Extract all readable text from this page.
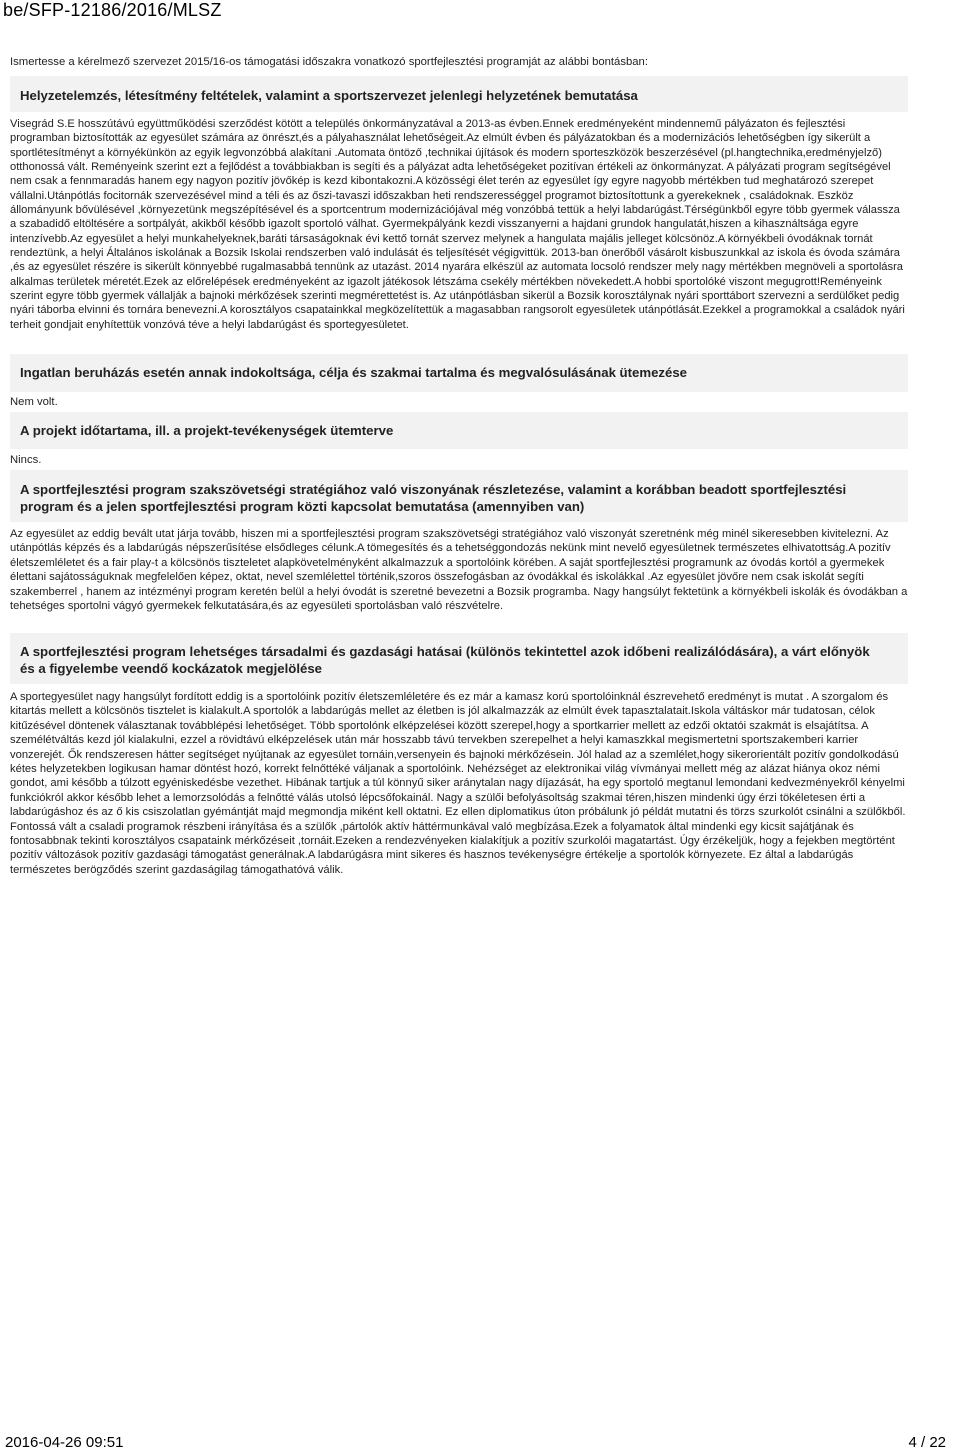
be/SFP-12186/2016/MLSZ
Ismertesse a kérelmező szervezet 2015/16-os támogatási időszakra vonatkozó sportfejlesztési programját az alábbi bontásban:
Helyzetelemzés, létesítmény feltételek, valamint a sportszervezet jelenlegi helyzetének bemutatása
Visegrád S.E hosszútávú együttműködési szerződést kötött a település önkormányzatával a 2013-as évben.Ennek eredményeként mindennemű pályázaton és fejlesztési programban biztosították az egyesület számára az önrészt,és a pályahasználat lehetőségeit.Az elmúlt évben és pályázatokban és a modernizációs lehetőségben így sikerült a sportlétesítményt a környékünkön az egyik legvonzóbbá alakítani .Automata öntöző ,technikai újítások és modern sporteszközök beszerzésével (pl.hangtechnika,eredményjelző) otthonossá vált. Reményeink szerint ezt a fejlődést a továbbiakban is segíti és a pályázat adta lehetőségeket pozitívan értékeli az önkormányzat. A pályázati program segítségével nem csak a fennmaradás hanem egy nagyon pozitív jövőkép is kezd kibontakozni.A közösségi élet terén az egyesület így egyre nagyobb mértékben tud meghatározó szerepet vállalni.Utánpótlás focitornák szervezésével mind a téli és az őszi-tavaszi időszakban heti rendszerességgel programot biztosítottunk a gyerekeknek , családoknak. Eszköz állományunk bővülésével ,környezetünk megszépítésével és a sportcentrum modernizációjával még vonzóbbá tettük a helyi labdarúgást.Térségünkből egyre több gyermek válassza a szabadidő eltöltésére a sortpályát, akikből később igazolt sportoló válhat. Gyermekpályánk kezdi visszanyerni a hajdani grundok hangulatát,hiszen a kihasználtsága egyre intenzívebb.Az egyesület a helyi munkahelyeknek,baráti társaságoknak évi kettő tornát szervez melynek a hangulata majális jelleget kölcsönöz.A környékbeli óvodáknak tornát rendeztünk, a helyi Általános iskolának a Bozsik Iskolai rendszerben való indulását és teljesítését végigvittük. 2013-ban önerőből vásárolt kisbuszunkkal az iskola és óvoda számára ,és az egyesület részére is sikerült könnyebbé rugalmasabbá tennünk az utazást. 2014 nyarára elkészül az automata locsoló rendszer mely nagy mértékben megnöveli a sportolásra alkalmas területek méretét.Ezek az előrelépések eredményeként az igazolt játékosok létszáma csekély mértékben növekedett.A hobbi sportolóké viszont megugrott!Reményeink szerint egyre több gyermek vállalják a bajnoki mérkőzések szerinti megmérettetést is. Az utánpótlásban sikerül a Bozsik korosztálynak nyári sporttábort szervezni a serdülőket pedig nyári táborba elvinni és tornára benevezni.A korosztályos csapatainkkal megközelítettük a magasabban rangsorolt egyesületek utánpótlását.Ezekkel a programokkal a családok nyári terheit gondjait enyhítettük vonzóvá téve a helyi labdarúgást és sportegyesületet.
Ingatlan beruházás esetén annak indokoltsága, célja és szakmai tartalma és megvalósulásának ütemezése
Nem volt.
A projekt időtartama, ill. a projekt-tevékenységek ütemterve
Nincs.
A sportfejlesztési program szakszövetségi stratégiához való viszonyának részletezése, valamint a korábban beadott sportfejlesztési program és a jelen sportfejlesztési program közti kapcsolat bemutatása (amennyiben van)
Az egyesület az eddig bevált utat járja tovább, hiszen mi a sportfejlesztési program szakszövetségi stratégiához való viszonyát szeretnénk még minél sikeresebben kivitelezni. Az utánpótlás képzés és a labdarúgás népszerűsítése elsődleges célunk.A tömegesítés és a tehetséggondozás nekünk mint nevelő egyesületnek természetes elhivatottság.A pozitív életszemléletet és a fair play-t a kölcsönös tiszteletet alapkövetelményként alkalmazzuk a sportolóink körében. A saját sportfejlesztési programunk az óvodás kortól a gyermekek élettani sajátosságuknak megfelelően képez, oktat, nevel szemlélettel történik,szoros összefogásban az óvodákkal és iskolákkal .Az egyesület jövőre nem csak iskolát segíti szakemberrel , hanem az intézményi program keretén belül a helyi óvodát is szeretné bevezetni a Bozsik programba. Nagy hangsúlyt fektetünk a környékbeli iskolák és óvodákban a tehetséges sportolni vágyó gyermekek felkutatására,és az egyesületi sportolásban való részvételre.
A sportfejlesztési program lehetséges társadalmi és gazdasági hatásai (különös tekintettel azok időbeni realizálódására), a várt előnyök és a figyelembe veendő kockázatok megjelölése
A sportegyesület nagy hangsúlyt fordított eddig is a sportolóink pozitív életszemléletére és ez már a kamasz korú sportolóinknál észrevehető eredményt is mutat . A szorgalom és kitartás mellett a kölcsönös tisztelet is kialakult.A sportolók a labdarúgás mellet az életben is jól alkalmazzák az elmúlt évek tapasztalatait.Iskola váltáskor már tudatosan, célok kitűzésével döntenek választanak továbblépési lehetőséget. Több sportolónk elképzelései között szerepel,hogy a sportkarrier mellett az edzői oktatói szakmát is elsajátítsa. A személétváltás kezd jól kialakulni, ezzel a rövidtávú elképzelések után már hosszabb távú tervekben szerepelhet a helyi kamaszkkal megismertetni sportszakemberi karrier vonzerejét. Ők rendszeresen hátter segítséget nyújtanak az egyesület tornáin,versenyein és bajnoki mérkőzésein. Jól halad az a szemlélet,hogy sikerorientált pozitív gondolkodású kétes helyzetekben logikusan hamar döntést hozó, korrekt felnőttéké váljanak a sportolóink. Nehézséget az elektronikai világ vívmányai mellett még az alázat hiánya okoz némi gondot, ami később a túlzott egyéniskedésbe vezethet. Hibának tartjuk a túl könnyű siker aránytalan nagy díjazását, ha egy sportoló megtanul lemondani kedvezményekről kényelmi funkciókról akkor később lehet a lemorzsolódás a felnőtté válás utolsó lépcsőfokainál. Nagy a szülői befolyásoltság szakmai téren,hiszen mindenki úgy érzi tökéletesen érti a labdarúgáshoz és az ő kis csiszolatlan gyémántját majd megmondja miként kell oktatni. Ez ellen diplomatikus úton próbálunk jó példát mutatni és törzs szurkolót csinálni a szülőkből. Fontossá vált a csaladi programok részbeni irányítása és a szülők ,pártolók aktív háttérmunkával való megbízása.Ezek a folyamatok által mindenki egy kicsit sajátjának és fontosabbnak tekinti korosztályos csapataink mérkőzéseit ,tornáit.Ezeken a rendezvényeken kialakítjuk a pozitív szurkolói magatartást. Úgy érzékeljük, hogy a fejekben megtörtént pozitív változások pozitív gazdasági támogatást generálnak.A labdarúgásra mint sikeres és hasznos tevékenységre értékelje a sportolók környezete. Ez által a labdarúgás természetes berögződés szerint gazdaságilag támogathatóvá válik.
2016-04-26 09:51	4 / 22
